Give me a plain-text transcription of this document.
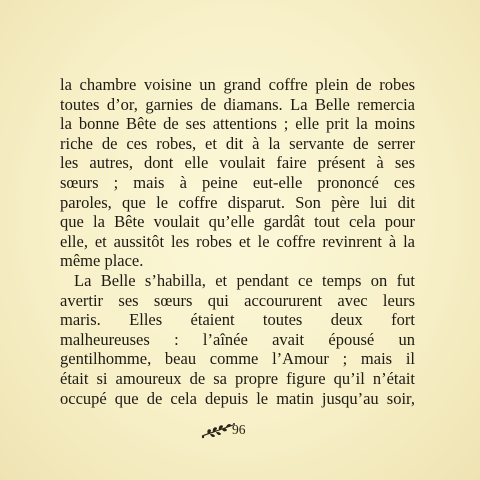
la chambre voisine un grand coffre plein de robes
toutes d’or, garnies de diamans. La Belle remercia
la bonne Bête de ses attentions ; elle prit la moins
riche de ces robes, et dit à la servante de serrer
les autres, dont elle voulait faire présent à ses
sœurs ; mais à peine eut-elle prononcé ces
paroles, que le coffre disparut. Son père lui dit
que la Bête voulait qu’elle gardât tout cela pour
elle, et aussitôt les robes et le coffre revinrent à la
même place.
La Belle s’habilla, et pendant ce temps on fut
avertir ses sœurs qui accoururent avec leurs
maris. Elles étaient toutes deux fort
malheureuses : l’aînée avait épousé un
gentilhomme, beau comme l’Amour ; mais il
était si amoureux de sa propre figure qu’il n’était
occupé que de cela depuis le matin jusqu’au soir,
96
